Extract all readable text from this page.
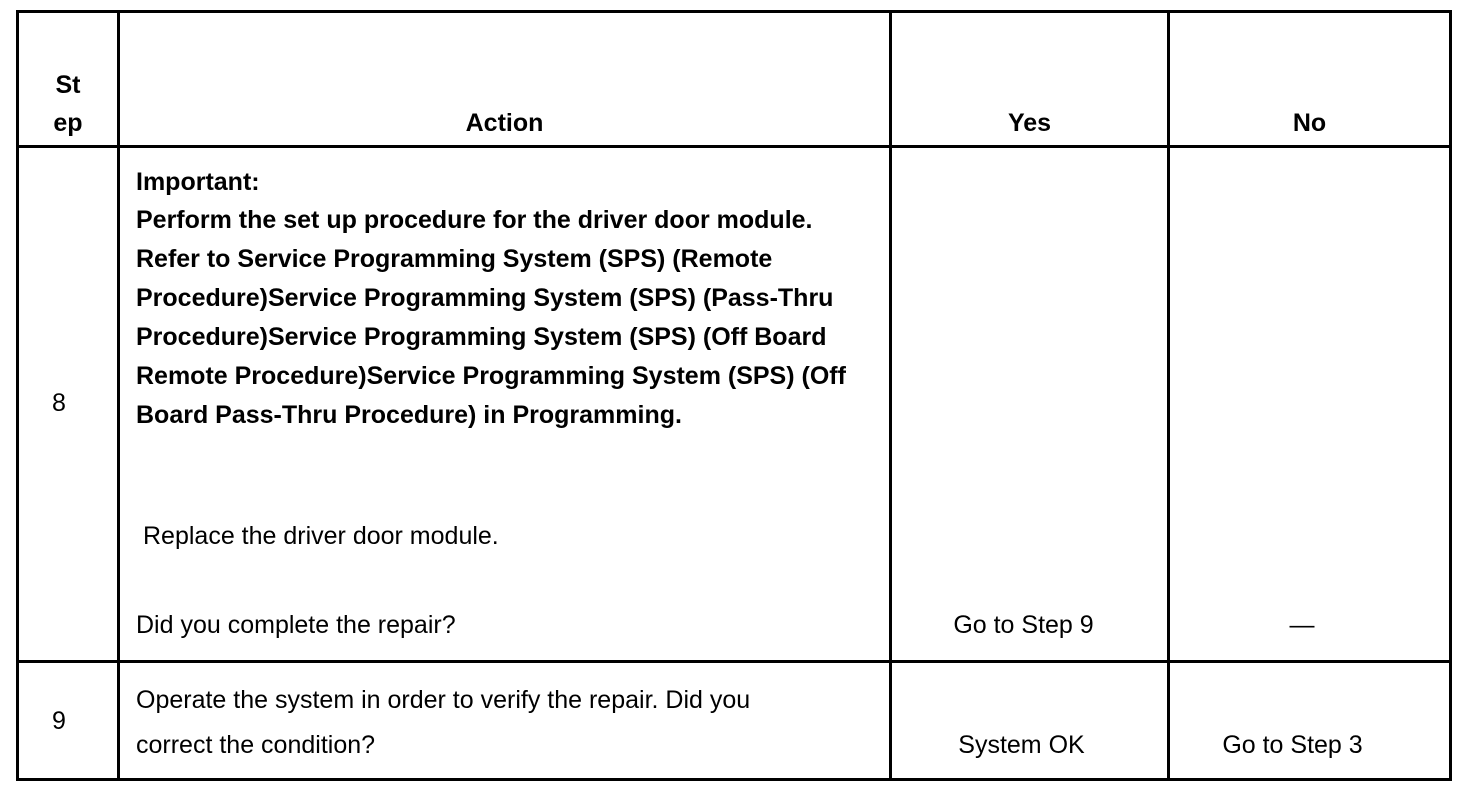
St
ep	Action	Yes	No
8
Important:
Perform the set up procedure for the driver door module. Refer to Service Programming System (SPS) (Remote Procedure)Service Programming System (SPS) (Pass-Thru Procedure)Service Programming System (SPS) (Off Board Remote Procedure)Service Programming System (SPS) (Off Board Pass-Thru Procedure) in Programming.
Replace the driver door module.
Did you complete the repair?	Go to Step 9	—
9
Operate the system in order to verify the repair. Did you
correct the condition?	System OK	Go to Step 3
